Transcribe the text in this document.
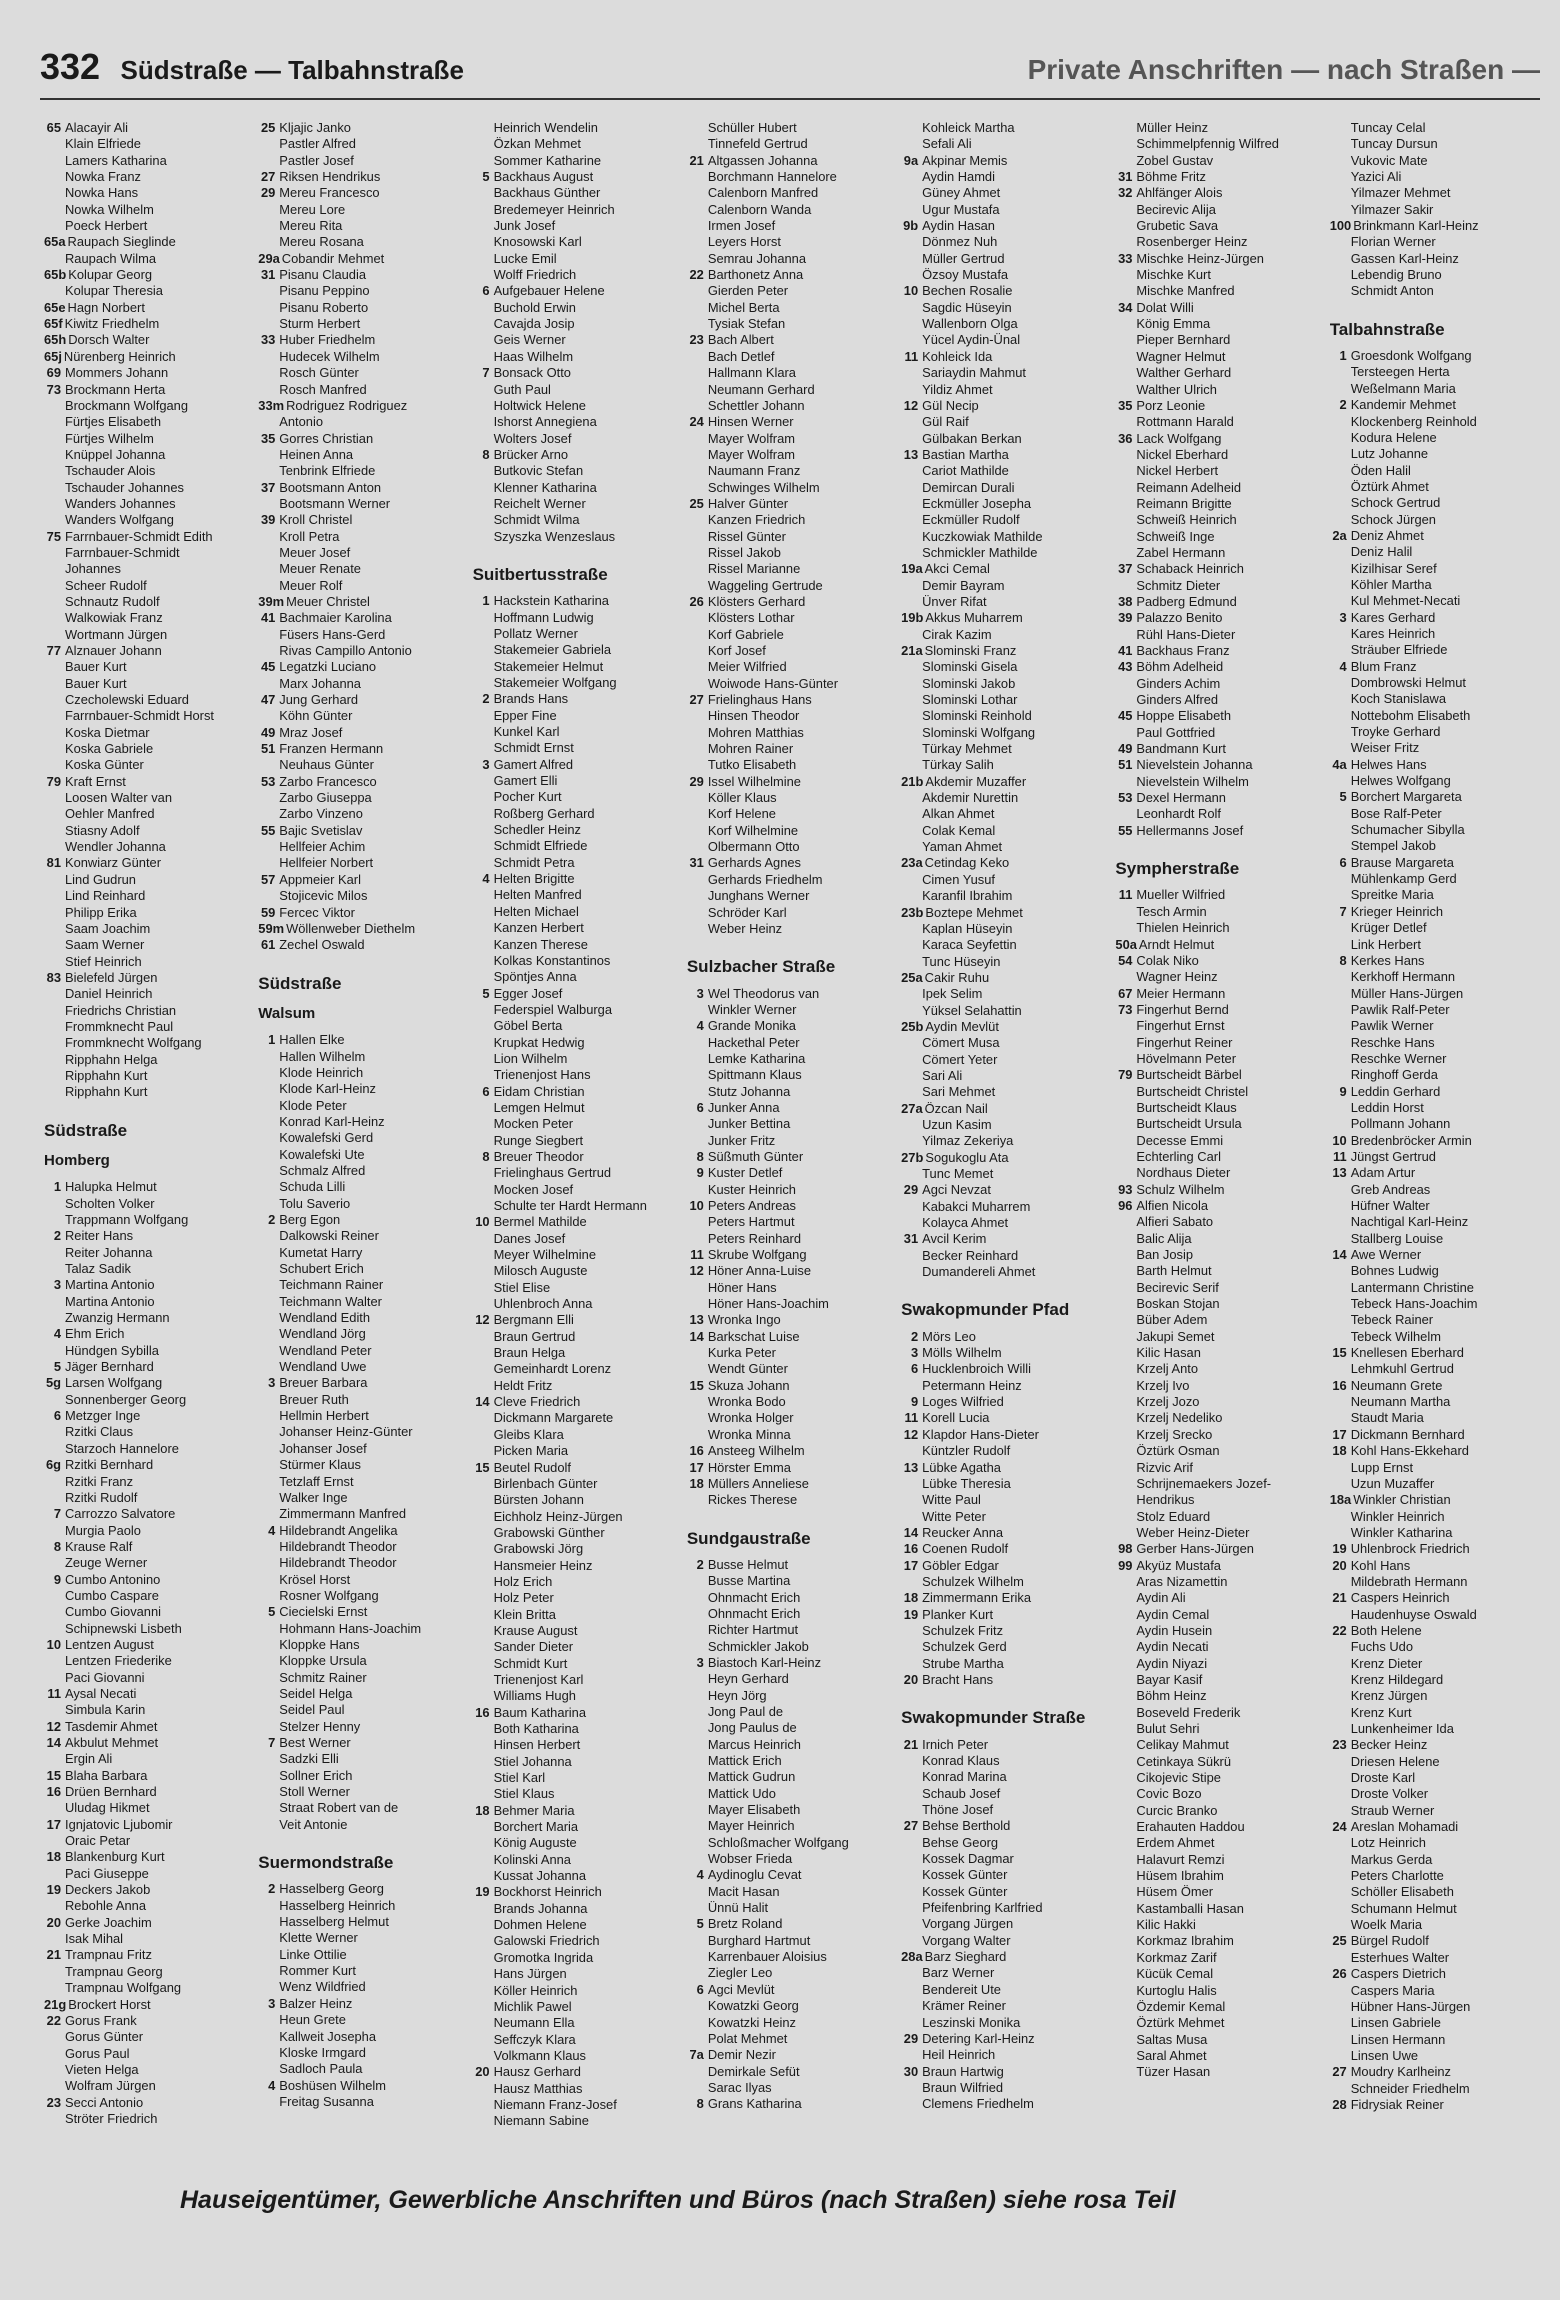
332 Südstraße — Talbahnstraße	Private Anschriften — nach Straßen —
65 Alacayir Ali
Klain Elfriede
Lamers Katharina
Nowka Franz
Nowka Hans
Nowka Wilhelm
Poeck Herbert
65a Raupach Sieglinde
Raupach Wilma
65b Kolupar Georg
Kolupar Theresia
65e Hagn Norbert
65f Kiwitz Friedhelm
65h Dorsch Walter
65j Nürenberg Heinrich
69 Mommers Johann
73 Brockmann Herta
Brockmann Wolfgang
Fürtjes Elisabeth
Fürtjes Wilhelm
Knüppel Johanna
Tschauder Alois
Tschauder Johannes
Wanders Johannes
Wanders Wolfgang
75 Farrnbauer-Schmidt Edith
Farrnbauer-Schmidt
Johannes
Scheer Rudolf
Schnautz Rudolf
Walkowiak Franz
Wortmann Jürgen
77 Alznauer Johann
Bauer Kurt
Bauer Kurt
Czecholewski Eduard
Farrnbauer-Schmidt Horst
Koska Dietmar
Koska Gabriele
Koska Günter
79 Kraft Ernst
Loosen Walter van
Oehler Manfred
Stiasny Adolf
Wendler Johanna
81 Konwiarz Günter
Lind Gudrun
Lind Reinhard
Philipp Erika
Saam Joachim
Saam Werner
Stief Heinrich
83 Bielefeld Jürgen
Daniel Heinrich
Friedrichs Christian
Frommknecht Paul
Frommknecht Wolfgang
Ripphahn Helga
Ripphahn Kurt
Ripphahn Kurt
Südstraße
Homberg
1 Halupka Helmut
Scholten Volker
Trappmann Wolfgang
2 Reiter Hans
Reiter Johanna
Talaz Sadik
3 Martina Antonio
Martina Antonio
Zwanzig Hermann
4 Ehm Erich
Hündgen Sybilla
5 Jäger Bernhard
5g Larsen Wolfgang
Sonnenberger Georg
6 Metzger Inge
Rzitki Claus
Starzoch Hannelore
6g Rzitki Bernhard
Rzitki Franz
Rzitki Rudolf
7 Carrozzo Salvatore
Murgia Paolo
8 Krause Ralf
Zeuge Werner
9 Cumbo Antonino
Cumbo Caspare
Cumbo Giovanni
Schipnewski Lisbeth
10 Lentzen August
Lentzen Friederike
Paci Giovanni
11 Aysal Necati
Simbula Karin
12 Tasdemir Ahmet
14 Akbulut Mehmet
Ergin Ali
15 Blaha Barbara
16 Drüen Bernhard
Uludag Hikmet
17 Ignjatovic Ljubomir
Oraic Petar
18 Blankenburg Kurt
Paci Giuseppe
19 Deckers Jakob
Rebohle Anna
20 Gerke Joachim
Isak Mihal
21 Trampnau Fritz
Trampnau Georg
Trampnau Wolfgang
21g Brockert Horst
22 Gorus Frank
Gorus Günter
Gorus Paul
Vieten Helga
Wolfram Jürgen
23 Secci Antonio
Ströter Friedrich
25 Kljajic Janko
Pastler Alfred
Pastler Josef
27 Riksen Hendrikus
29 Mereu Francesco
Mereu Lore
Mereu Rita
Mereu Rosana
29a Cobandir Mehmet
31 Pisanu Claudia
Pisanu Peppino
Pisanu Roberto
Sturm Herbert
33 Huber Friedhelm
Hudecek Wilhelm
Rosch Günter
Rosch Manfred
33m Rodriguez Rodriguez
Antonio
35 Gorres Christian
Heinen Anna
Tenbrink Elfriede
37 Bootsmann Anton
Bootsmann Werner
39 Kroll Christel
Kroll Petra
Meuer Josef
Meuer Renate
Meuer Rolf
39m Meuer Christel
41 Bachmaier Karolina
Füsers Hans-Gerd
Rivas Campillo Antonio
45 Legatzki Luciano
Marx Johanna
47 Jung Gerhard
Köhn Günter
49 Mraz Josef
51 Franzen Hermann
Neuhaus Günter
53 Zarbo Francesco
Zarbo Giuseppa
Zarbo Vinzeno
55 Bajic Svetislav
Hellfeier Achim
Hellfeier Norbert
57 Appmeier Karl
Stojicevic Milos
59 Fercec Viktor
59m Wöllenweber Diethelm
61 Zechel Oswald
Südstraße
Walsum
1 Hallen Elke
Hallen Wilhelm
Klode Heinrich
Klode Karl-Heinz
Klode Peter
Konrad Karl-Heinz
Kowalefski Gerd
Kowalefski Ute
Schmalz Alfred
Schuda Lilli
Tolu Saverio
2 Berg Egon
Dalkowski Reiner
Kumetat Harry
Schubert Erich
Teichmann Rainer
Teichmann Walter
Wendland Edith
Wendland Jörg
Wendland Peter
Wendland Uwe
3 Breuer Barbara
Breuer Ruth
Hellmin Herbert
Johanser Heinz-Günter
Johanser Josef
Stürmer Klaus
Tetzlaff Ernst
Walker Inge
Zimmermann Manfred
4 Hildebrandt Angelika
Hildebrandt Theodor
Hildebrandt Theodor
Krösel Horst
Rosner Wolfgang
5 Ciecielski Ernst
Hohmann Hans-Joachim
Kloppke Hans
Kloppke Ursula
Schmitz Rainer
Seidel Helga
Seidel Paul
Stelzer Henny
7 Best Werner
Sadzki Elli
Sollner Erich
Stoll Werner
Straat Robert van de
Veit Antonie
Suermondstraße
2 Hasselberg Georg
Hasselberg Heinrich
Hasselberg Helmut
Klette Werner
Linke Ottilie
Rommer Kurt
Wenz Wildfried
3 Balzer Heinz
Heun Grete
Kallweit Josepha
Kloske Irmgard
Sadloch Paula
4 Boshüsen Wilhelm
Freitag Susanna
Heinrich Wendelin
Özkan Mehmet
Sommer Katharine
5 Backhaus August
Backhaus Günther
Bredemeyer Heinrich
Junk Josef
Knosowski Karl
Lucke Emil
Wolff Friedrich
6 Aufgebauer Helene
Buchold Erwin
Cavajda Josip
Geis Werner
Haas Wilhelm
7 Bonsack Otto
Guth Paul
Holtwick Helene
Ishorst Annegiena
Wolters Josef
8 Brücker Arno
Butkovic Stefan
Klenner Katharina
Reichelt Werner
Schmidt Wilma
Szyszka Wenzeslaus
Suitbertusstraße
1 Hackstein Katharina
Hoffmann Ludwig
Pollatz Werner
Stakemeier Gabriela
Stakemeier Helmut
Stakemeier Wolfgang
2 Brands Hans
Epper Fine
Kunkel Karl
Schmidt Ernst
3 Gamert Alfred
Gamert Elli
Pocher Kurt
Roßberg Gerhard
Schedler Heinz
Schmidt Elfriede
Schmidt Petra
4 Helten Brigitte
Helten Manfred
Helten Michael
Kanzen Herbert
Kanzen Therese
Kolkas Konstantinos
Spöntjes Anna
5 Egger Josef
Federspiel Walburga
Göbel Berta
Krupkat Hedwig
Lion Wilhelm
Trienenjost Hans
6 Eidam Christian
Lemgen Helmut
Mocken Peter
Runge Siegbert
8 Breuer Theodor
Frielinghaus Gertrud
Mocken Josef
Schulte ter Hardt Hermann
10 Bermel Mathilde
Danes Josef
Meyer Wilhelmine
Milosch Auguste
Stiel Elise
Uhlenbroch Anna
12 Bergmann Elli
Braun Gertrud
Braun Helga
Gemeinhardt Lorenz
Heldt Fritz
14 Cleve Friedrich
Dickmann Margarete
Gleibs Klara
Picken Maria
15 Beutel Rudolf
Birlenbach Günter
Bürsten Johann
Eichholz Heinz-Jürgen
Grabowski Günther
Grabowski Jörg
Hansmeier Heinz
Holz Erich
Holz Peter
Klein Britta
Krause August
Sander Dieter
Schmidt Kurt
Trienenjost Karl
Williams Hugh
16 Baum Katharina
Both Katharina
Hinsen Herbert
Stiel Johanna
Stiel Karl
Stiel Klaus
18 Behmer Maria
Borchert Maria
König Auguste
Kolinski Anna
Kussat Johanna
19 Bockhorst Heinrich
Brands Johanna
Dohmen Helene
Galowski Friedrich
Gromotka Ingrida
Hans Jürgen
Köller Heinrich
Michlik Pawel
Neumann Ella
Seffczyk Klara
Volkmann Klaus
20 Hausz Gerhard
Hausz Matthias
Niemann Franz-Josef
Niemann Sabine
Schüller Hubert
Tinnefeld Gertrud
21 Altgassen Johanna
Borchmann Hannelore
Calenborn Manfred
Calenborn Wanda
Irmen Josef
Leyers Horst
Semrau Johanna
22 Barthonetz Anna
Gierden Peter
Michel Berta
Tysiak Stefan
23 Bach Albert
Bach Detlef
Hallmann Klara
Neumann Gerhard
Schettler Johann
24 Hinsen Werner
Mayer Wolfram
Mayer Wolfram
Naumann Franz
Schwinges Wilhelm
25 Halver Günter
Kanzen Friedrich
Rissel Günter
Rissel Jakob
Rissel Marianne
Waggeling Gertrude
26 Klösters Gerhard
Klösters Lothar
Korf Gabriele
Korf Josef
Meier Wilfried
Woiwode Hans-Günter
27 Frielinghaus Hans
Hinsen Theodor
Mohren Matthias
Mohren Rainer
Tutko Elisabeth
29 Issel Wilhelmine
Köller Klaus
Korf Helene
Korf Wilhelmine
Olbermann Otto
31 Gerhards Agnes
Gerhards Friedhelm
Junghans Werner
Schröder Karl
Weber Heinz
Sulzbacher Straße
3 Wel Theodorus van
Winkler Werner
4 Grande Monika
Hackethal Peter
Lemke Katharina
Spittmann Klaus
Stutz Johanna
6 Junker Anna
Junker Bettina
Junker Fritz
8 Süßmuth Günter
9 Kuster Detlef
Kuster Heinrich
10 Peters Andreas
Peters Hartmut
Peters Reinhard
11 Skrube Wolfgang
12 Höner Anna-Luise
Höner Hans
Höner Hans-Joachim
13 Wronka Ingo
14 Barkschat Luise
Kurka Peter
Wendt Günter
15 Skuza Johann
Wronka Bodo
Wronka Holger
Wronka Minna
16 Ansteeg Wilhelm
17 Hörster Emma
18 Müllers Anneliese
Rickes Therese
Sundgaustraße
2 Busse Helmut
Busse Martina
Ohnmacht Erich
Ohnmacht Erich
Richter Hartmut
Schmickler Jakob
3 Biastoch Karl-Heinz
Heyn Gerhard
Heyn Jörg
Jong Paul de
Jong Paulus de
Marcus Heinrich
Mattick Erich
Mattick Gudrun
Mattick Udo
Mayer Elisabeth
Mayer Heinrich
Schloßmacher Wolfgang
Wobser Frieda
4 Aydinoglu Cevat
Macit Hasan
Ünnü Halit
5 Bretz Roland
Burghard Hartmut
Karrenbauer Aloisius
Ziegler Leo
6 Agci Mevlüt
Kowatzki Georg
Kowatzki Heinz
Polat Mehmet
7a Demir Nezir
Demirkale Sefüt
Sarac Ilyas
8 Grans Katharina
Kohleick Martha
Sefali Ali
9a Akpinar Memis
Aydin Hamdi
Güney Ahmet
Ugur Mustafa
9b Aydin Hasan
Dönmez Nuh
Müller Gertrud
Özsoy Mustafa
10 Bechen Rosalie
Sagdic Hüseyin
Wallenborn Olga
Yücel Aydin-Ünal
11 Kohleick Ida
Sariaydin Mahmut
Yildiz Ahmet
12 Gül Necip
Gül Raif
Gülbakan Berkan
13 Bastian Martha
Cariot Mathilde
Demircan Durali
Eckmüller Josepha
Eckmüller Rudolf
Kuczkowiak Mathilde
Schmickler Mathilde
19a Akci Cemal
Demir Bayram
Ünver Rifat
19b Akkus Muharrem
Cirak Kazim
21a Slominski Franz
Slominski Gisela
Slominski Jakob
Slominski Lothar
Slominski Reinhold
Slominski Wolfgang
Türkay Mehmet
Türkay Salih
21b Akdemir Muzaffer
Akdemir Nurettin
Alkan Ahmet
Colak Kemal
Yaman Ahmet
23a Cetindag Keko
Cimen Yusuf
Karanfil Ibrahim
23b Boztepe Mehmet
Kaplan Hüseyin
Karaca Seyfettin
Tunc Hüseyin
25a Cakir Ruhu
Ipek Selim
Yüksel Selahattin
25b Aydin Mevlüt
Cömert Musa
Cömert Yeter
Sari Ali
Sari Mehmet
27a Özcan Nail
Uzun Kasim
Yilmaz Zekeriya
27b Sogukoglu Ata
Tunc Memet
29 Agci Nevzat
Kabakci Muharrem
Kolayca Ahmet
31 Avcil Kerim
Becker Reinhard
Dumandereli Ahmet
Swakopmunder Pfad
2 Mörs Leo
3 Mölls Wilhelm
6 Hucklenbroich Willi
Petermann Heinz
9 Loges Wilfried
11 Korell Lucia
12 Klapdor Hans-Dieter
Küntzler Rudolf
13 Lübke Agatha
Lübke Theresia
Witte Paul
Witte Peter
14 Reucker Anna
16 Coenen Rudolf
17 Göbler Edgar
Schulzek Wilhelm
18 Zimmermann Erika
19 Planker Kurt
Schulzek Fritz
Schulzek Gerd
Strube Martha
20 Bracht Hans
Swakopmunder Straße
21 Irnich Peter
Konrad Klaus
Konrad Marina
Schaub Josef
Thöne Josef
27 Behse Berthold
Behse Georg
Kossek Dagmar
Kossek Günter
Kossek Günter
Pfeifenbring Karlfried
Vorgang Jürgen
Vorgang Walter
28a Barz Sieghard
Barz Werner
Bendereit Ute
Krämer Reiner
Leszinski Monika
29 Detering Karl-Heinz
Heil Heinrich
30 Braun Hartwig
Braun Wilfried
Clemens Friedhelm
Müller Heinz
Schimmelpfennig Wilfred
Zobel Gustav
31 Böhme Fritz
32 Ahlfänger Alois
Becirevic Alija
Grubetic Sava
Rosenberger Heinz
33 Mischke Heinz-Jürgen
Mischke Kurt
Mischke Manfred
34 Dolat Willi
König Emma
Pieper Bernhard
Wagner Helmut
Walther Gerhard
Walther Ulrich
35 Porz Leonie
Rottmann Harald
36 Lack Wolfgang
Nickel Eberhard
Nickel Herbert
Reimann Adelheid
Reimann Brigitte
Schweiß Heinrich
Schweiß Inge
Zabel Hermann
37 Schaback Heinrich
Schmitz Dieter
38 Padberg Edmund
39 Palazzo Benito
Rühl Hans-Dieter
41 Backhaus Franz
43 Böhm Adelheid
Ginders Achim
Ginders Alfred
45 Hoppe Elisabeth
Paul Gottfried
49 Bandmann Kurt
51 Nievelstein Johanna
Nievelstein Wilhelm
53 Dexel Hermann
Leonhardt Rolf
55 Hellermanns Josef
Sympherstraße
11 Mueller Wilfried
Tesch Armin
Thielen Heinrich
50a Arndt Helmut
54 Colak Niko
Wagner Heinz
67 Meier Hermann
73 Fingerhut Bernd
Fingerhut Ernst
Fingerhut Reiner
Hövelmann Peter
79 Burtscheidt Bärbel
Burtscheidt Christel
Burtscheidt Klaus
Burtscheidt Ursula
Decesse Emmi
Echterling Carl
Nordhaus Dieter
93 Schulz Wilhelm
96 Alfien Nicola
Alfieri Sabato
Balic Alija
Ban Josip
Barth Helmut
Becirevic Serif
Boskan Stojan
Büber Adem
Jakupi Semet
Kilic Hasan
Krzelj Anto
Krzelj Ivo
Krzelj Jozo
Krzelj Nedeliko
Krzelj Srecko
Öztürk Osman
Rizvic Arif
Schrijnemaekers Jozef-
Hendrikus
Stolz Eduard
Weber Heinz-Dieter
98 Gerber Hans-Jürgen
99 Akyüz Mustafa
Aras Nizamettin
Aydin Ali
Aydin Cemal
Aydin Husein
Aydin Necati
Aydin Niyazi
Bayar Kasif
Böhm Heinz
Boseveld Frederik
Bulut Sehri
Celikay Mahmut
Cetinkaya Sükrü
Cikojevic Stipe
Covic Bozo
Curcic Branko
Erahauten Haddou
Erdem Ahmet
Halavurt Remzi
Hüsem Ibrahim
Hüsem Ömer
Kastamballi Hasan
Kilic Hakki
Korkmaz Ibrahim
Korkmaz Zarif
Kücük Cemal
Kurtoglu Halis
Özdemir Kemal
Öztürk Mehmet
Saltas Musa
Saral Ahmet
Tüzer Hasan
Tuncay Celal
Tuncay Dursun
Vukovic Mate
Yazici Ali
Yilmazer Mehmet
Yilmazer Sakir
100 Brinkmann Karl-Heinz
Florian Werner
Gassen Karl-Heinz
Lebendig Bruno
Schmidt Anton
Talbahnstraße
1 Groesdonk Wolfgang
Tersteegen Herta
Weßelmann Maria
2 Kandemir Mehmet
Klockenberg Reinhold
Kodura Helene
Lutz Johanne
Öden Halil
Öztürk Ahmet
Schock Gertrud
Schock Jürgen
2a Deniz Ahmet
Deniz Halil
Kizilhisar Seref
Köhler Martha
Kul Mehmet-Necati
3 Kares Gerhard
Kares Heinrich
Sträuber Elfriede
4 Blum Franz
Dombrowski Helmut
Koch Stanislawa
Nottebohm Elisabeth
Troyke Gerhard
Weiser Fritz
4a Helwes Hans
Helwes Wolfgang
5 Borchert Margareta
Bose Ralf-Peter
Schumacher Sibylla
Stempel Jakob
6 Brause Margareta
Mühlenkamp Gerd
Spreitke Maria
7 Krieger Heinrich
Krüger Detlef
Link Herbert
8 Kerkes Hans
Kerkhoff Hermann
Müller Hans-Jürgen
Pawlik Ralf-Peter
Pawlik Werner
Reschke Hans
Reschke Werner
Ringhoff Gerda
9 Leddin Gerhard
Leddin Horst
Pollmann Johann
10 Bredenbröcker Armin
11 Jüngst Gertrud
13 Adam Artur
Greb Andreas
Hüfner Walter
Nachtigal Karl-Heinz
Stallberg Louise
14 Awe Werner
Bohnes Ludwig
Lantermann Christine
Tebeck Hans-Joachim
Tebeck Rainer
Tebeck Wilhelm
15 Knellesen Eberhard
Lehmkuhl Gertrud
16 Neumann Grete
Neumann Martha
Staudt Maria
17 Dickmann Bernhard
18 Kohl Hans-Ekkehard
Lupp Ernst
Uzun Muzaffer
18a Winkler Christian
Winkler Heinrich
Winkler Katharina
19 Uhlenbrock Friedrich
20 Kohl Hans
Mildebrath Hermann
21 Caspers Heinrich
Haudenhuyse Oswald
22 Both Helene
Fuchs Udo
Krenz Dieter
Krenz Hildegard
Krenz Jürgen
Krenz Kurt
Lunkenheimer Ida
23 Becker Heinz
Driesen Helene
Droste Karl
Droste Volker
Straub Werner
24 Areslan Mohamadi
Lotz Heinrich
Markus Gerda
Peters Charlotte
Schöller Elisabeth
Schumann Helmut
Woelk Maria
25 Bürgel Rudolf
Esterhues Walter
26 Caspers Dietrich
Caspers Maria
Hübner Hans-Jürgen
Linsen Gabriele
Linsen Hermann
Linsen Uwe
27 Moudry Karlheinz
Schneider Friedhelm
28 Fidrysiak Reiner
Hauseigentümer, Gewerbliche Anschriften und Büros (nach Straßen) siehe rosa Teil
